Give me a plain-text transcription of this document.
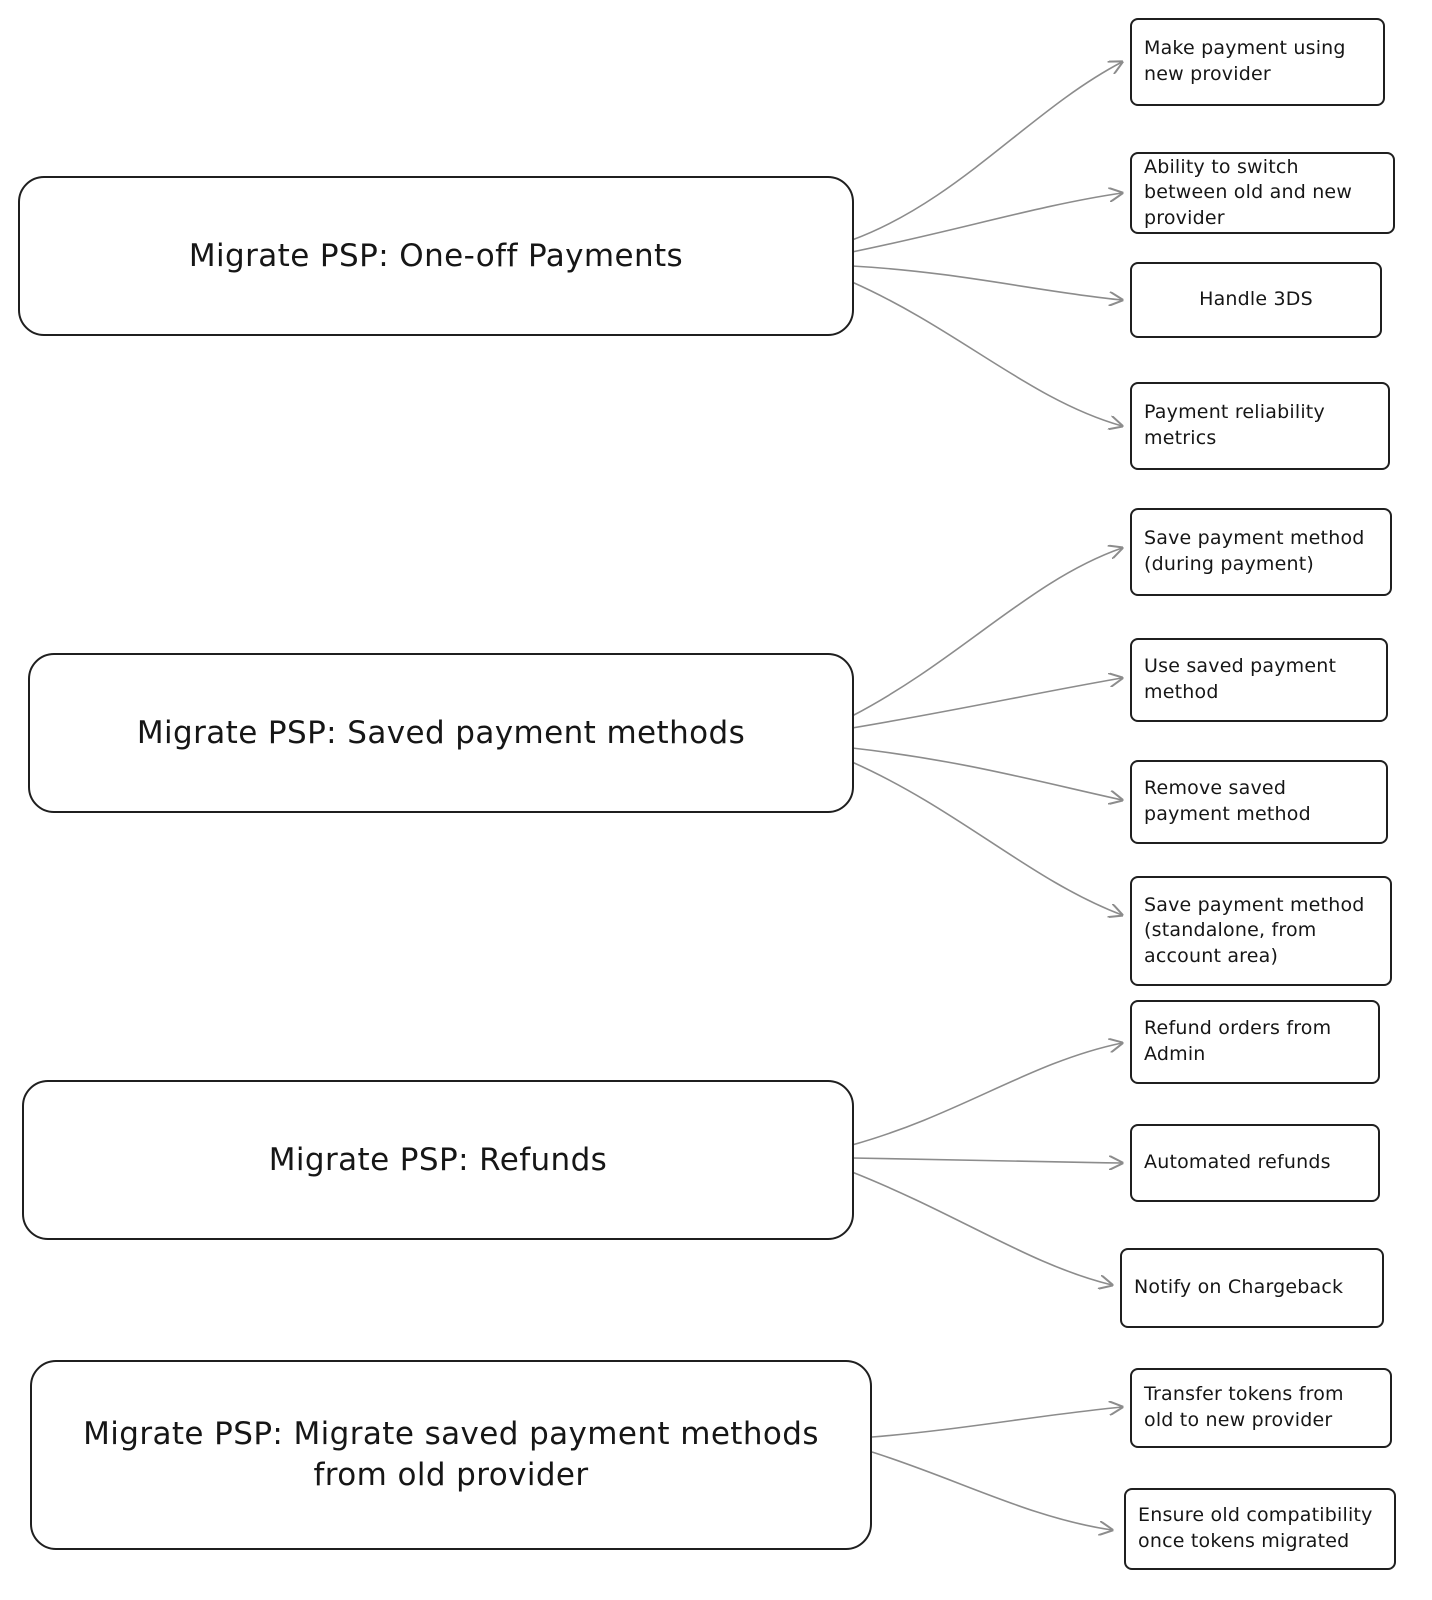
Migrate PSP: One-off Payments
Migrate PSP: Saved payment methods
Migrate PSP: Refunds
Migrate PSP: Migrate saved payment methods from old provider
Make payment using new provider
Ability to switch between old and new provider
Handle 3DS
Payment reliability metrics
Save payment method (during payment)
Use saved payment method
Remove saved payment method
Save payment method (standalone, from account area)
Refund orders from Admin
Automated refunds
Notify on Chargeback
Transfer tokens from old to new provider
Ensure old compatibility once tokens migrated
